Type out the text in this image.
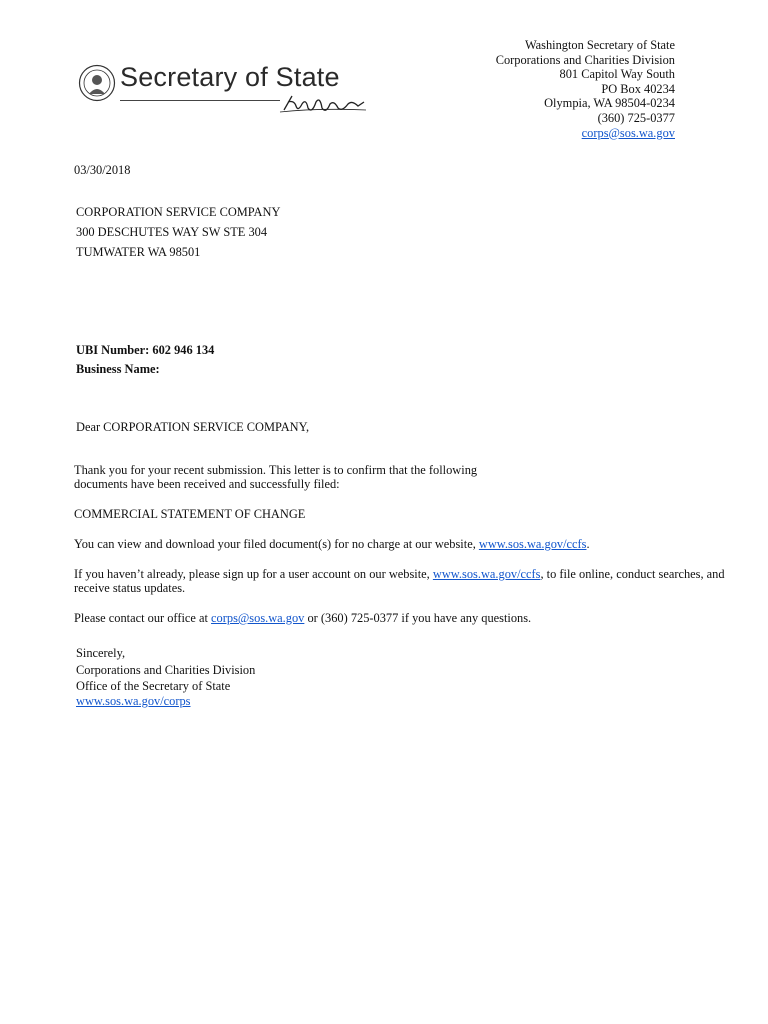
Secretary of State
Washington Secretary of State
Corporations and Charities Division
801 Capitol Way South
PO Box 40234
Olympia, WA 98504-0234
(360) 725-0377
corps@sos.wa.gov
03/30/2018
CORPORATION SERVICE COMPANY
300 DESCHUTES WAY SW STE 304
TUMWATER WA 98501
UBI Number: 602 946 134
Business Name:
Dear CORPORATION SERVICE COMPANY,
Thank you for your recent submission. This letter is to confirm that the following
documents have been received and successfully filed:
COMMERCIAL STATEMENT OF CHANGE
You can view and download your filed document(s) for no charge at our website, www.sos.wa.gov/ccfs.
If you haven’t already, please sign up for a user account on our website, www.sos.wa.gov/ccfs, to file online, conduct searches, and
receive status updates.
Please contact our office at corps@sos.wa.gov or (360) 725-0377 if you have any questions.
Sincerely,
Corporations and Charities Division
Office of the Secretary of State
www.sos.wa.gov/corps
